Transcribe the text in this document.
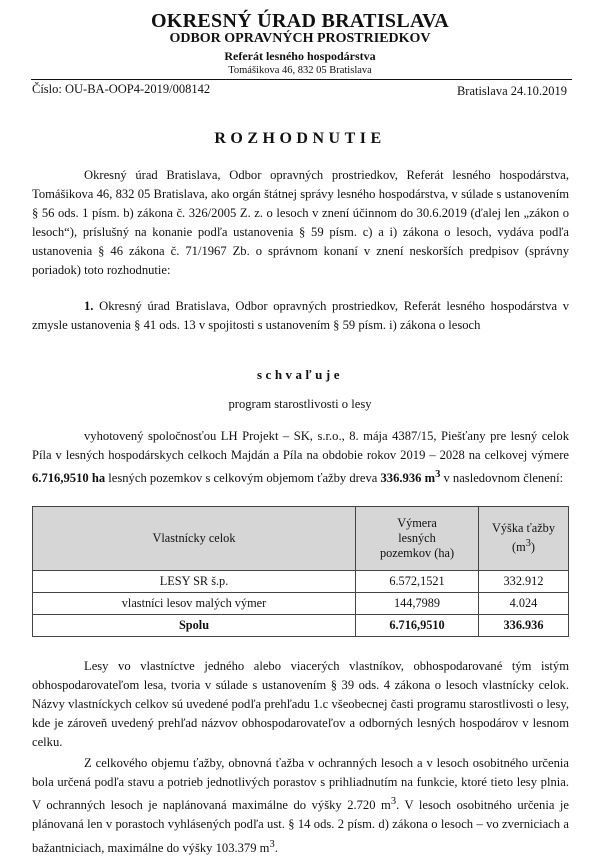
OKRESNÝ ÚRAD BRATISLAVA
ODBOR OPRAVNÝCH PROSTRIEDKOV
Referát lesného hospodárstva
Tomášikova 46, 832 05 Bratislava
Číslo: OU-BA-OOP4-2019/008142	Bratislava 24.10.2019
ROZHODNUTIE

Okresný úrad Bratislava, Odbor opravných prostriedkov, Referát lesného hospodárstva, Tomášikova 46, 832 05 Bratislava, ako orgán štátnej správy lesného hospodárstva, v súlade s ustanovením § 56 ods. 1 písm. b) zákona č. 326/2005 Z. z. o lesoch v znení účinnom do 30.6.2019 (ďalej len „zákon o lesoch“), príslušný na konanie podľa ustanovenia § 59 písm. c) a i) zákona o lesoch, vydáva podľa ustanovenia § 46 zákona č. 71/1967 Zb. o správnom konaní v znení neskorších predpisov (správny poriadok) toto rozhodnutie:

1. Okresný úrad Bratislava, Odbor opravných prostriedkov, Referát lesného hospodárstva v zmysle ustanovenia § 41 ods. 13 v spojitosti s ustanovením § 59 písm. i) zákona o lesoch

schvaľuje
program starostlivosti o lesy

vyhotovený spoločnosťou LH Projekt – SK, s.r.o., 8. mája 4387/15, Piešťany pre lesný celok Píla v lesných hospodárskych celkoch Majdán a Píla na obdobie rokov 2019 – 2028 na celkovej výmere 6.716,9510 ha lesných pozemkov s celkovým objemom ťažby dreva 336.936 $m^3$ v nasledovnom členení:

Vlastnícky celok	Výmera lesných pozemkov (ha)	Výška ťažby $(m^3)$
LESY SR š.p.	6.572,1521	332.912
vlastníci lesov malých výmer	144,7989	4.024
Spolu	6.716,9510	336.936

Lesy vo vlastníctve jedného alebo viacerých vlastníkov, obhospodarované tým istým obhospodarovateľom lesa, tvoria v súlade s ustanovením § 39 ods. 4 zákona o lesoch vlastnícky celok. Názvy vlastníckych celkov sú uvedené podľa prehľadu 1.c všeobecnej časti programu starostlivosti o lesy, kde je zároveň uvedený prehľad názvov obhospodarovateľov a odborných lesných hospodárov v lesnom celku.

Z celkového objemu ťažby, obnovná ťažba v ochranných lesoch a v lesoch osobitného určenia bola určená podľa stavu a potrieb jednotlivých porastov s prihliadnutím na funkcie, ktoré tieto lesy plnia. V ochranných lesoch je naplánovaná maximálne do výšky 2.720 $m^3$. V lesoch osobitného určenia je plánovaná len v porastoch vyhlásených podľa ust. § 14 ods. 2 písm. d) zákona o lesoch – vo zverniciach a bažantniciach, maximálne do výšky 103.379 $m^3$.
